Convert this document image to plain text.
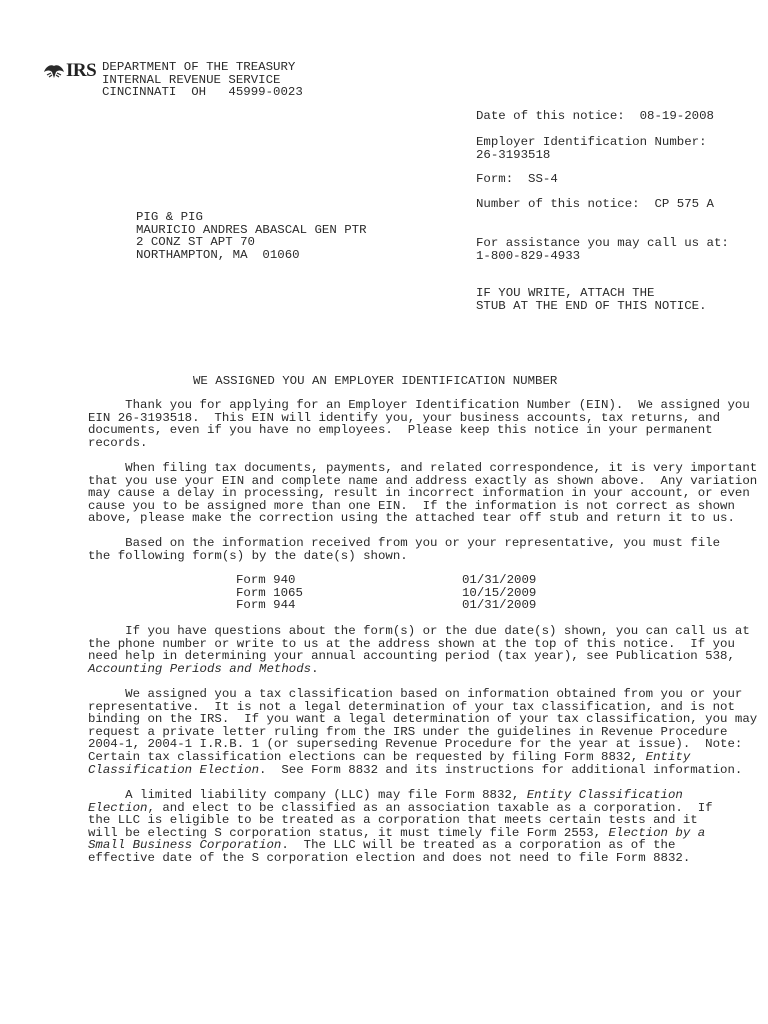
IRS DEPARTMENT OF THE TREASURY
INTERNAL REVENUE SERVICE
CINCINNATI  OH   45999-0023
Date of this notice:  08-19-2008
Employer Identification Number:
26-3193518
Form:  SS-4
Number of this notice:  CP 575 A
For assistance you may call us at:
1-800-829-4933
IF YOU WRITE, ATTACH THE
STUB AT THE END OF THIS NOTICE.
PIG & PIG
MAURICIO ANDRES ABASCAL GEN PTR
2 CONZ ST APT 70
NORTHAMPTON, MA  01060
WE ASSIGNED YOU AN EMPLOYER IDENTIFICATION NUMBER
Thank you for applying for an Employer Identification Number (EIN).  We assigned you
EIN 26-3193518.  This EIN will identify you, your business accounts, tax returns, and
documents, even if you have no employees.  Please keep this notice in your permanent
records.
When filing tax documents, payments, and related correspondence, it is very important
that you use your EIN and complete name and address exactly as shown above.  Any variation
may cause a delay in processing, result in incorrect information in your account, or even
cause you to be assigned more than one EIN.  If the information is not correct as shown
above, please make the correction using the attached tear off stub and return it to us.
Based on the information received from you or your representative, you must file
the following form(s) by the date(s) shown.
Form 940	01/31/2009
Form 1065	10/15/2009
Form 944	01/31/2009
If you have questions about the form(s) or the due date(s) shown, you can call us at
the phone number or write to us at the address shown at the top of this notice.  If you
need help in determining your annual accounting period (tax year), see Publication 538,
Accounting Periods and Methods.
We assigned you a tax classification based on information obtained from you or your
representative.  It is not a legal determination of your tax classification, and is not
binding on the IRS.  If you want a legal determination of your tax classification, you may
request a private letter ruling from the IRS under the guidelines in Revenue Procedure
2004-1, 2004-1 I.R.B. 1 (or superseding Revenue Procedure for the year at issue).  Note:
Certain tax classification elections can be requested by filing Form 8832, Entity
Classification Election.  See Form 8832 and its instructions for additional information.
A limited liability company (LLC) may file Form 8832, Entity Classification
Election, and elect to be classified as an association taxable as a corporation.  If
the LLC is eligible to be treated as a corporation that meets certain tests and it
will be electing S corporation status, it must timely file Form 2553, Election by a
Small Business Corporation.  The LLC will be treated as a corporation as of the
effective date of the S corporation election and does not need to file Form 8832.
